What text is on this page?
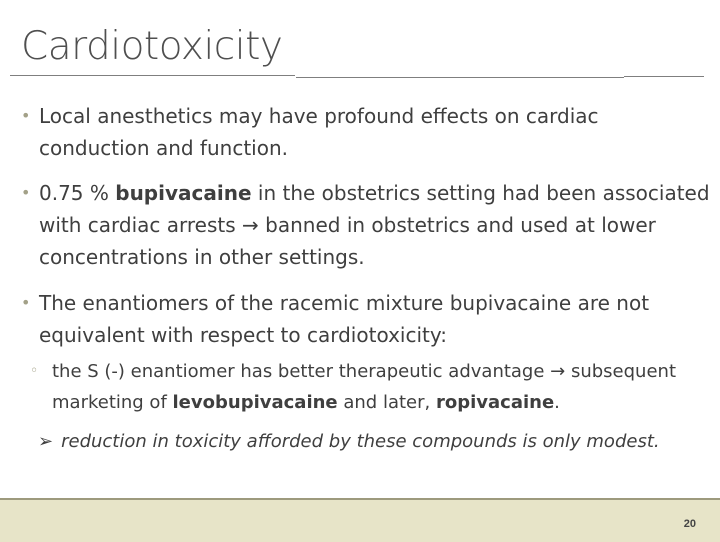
Cardiotoxicity
• Local anesthetics may have profound effects on cardiac conduction and function.
• 0.75 % bupivacaine in the obstetrics setting had been associated with cardiac arrests → banned in obstetrics and used at lower concentrations in other settings.
• The enantiomers of the racemic mixture bupivacaine are not equivalent with respect to cardiotoxicity:
◦ the S (-) enantiomer has better therapeutic advantage → subsequent marketing of levobupivacaine and later, ropivacaine.
➢ reduction in toxicity afforded by these compounds is only modest.
20
